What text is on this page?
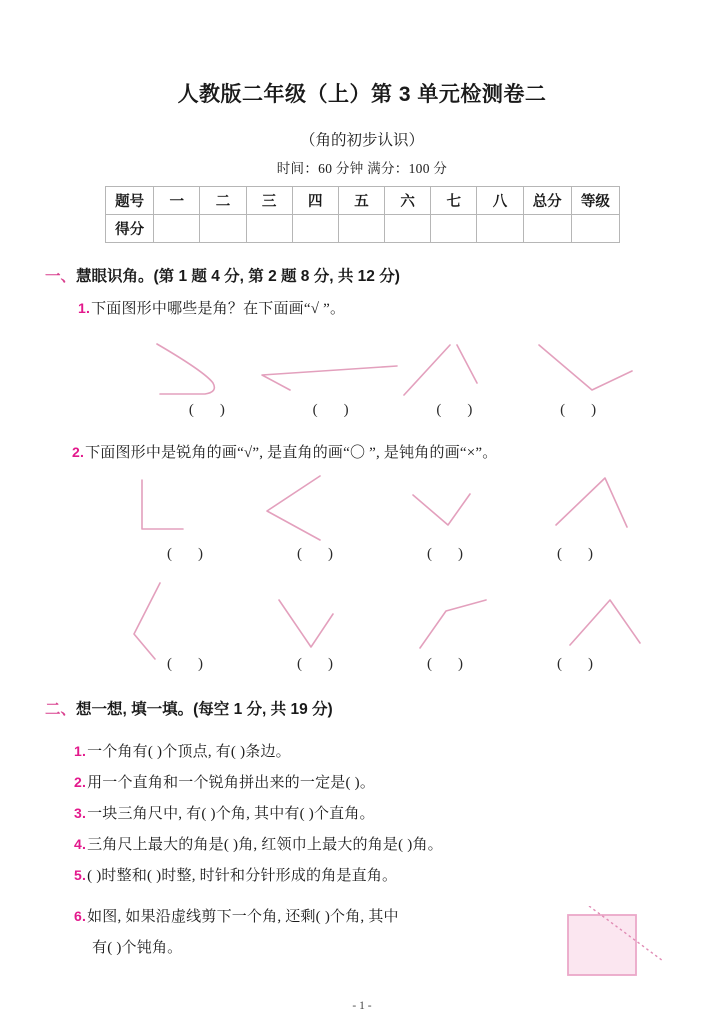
人教版二年级（上）第 3 单元检测卷二
（角的初步认识）
时间：60 分钟 满分：100 分
题号	一	二	三	四	五	六	七	八	总分	等级
得分										
一、慧眼识角。(第 1 题 4 分, 第 2 题 8 分, 共 12 分)
1.下面图形中哪些是角？在下面画“√ ”。
( )	( )	( )	( )
2.下面图形中是锐角的画“√”, 是直角的画“〇 ”, 是钝角的画“×”。
( )	( )	( )	( )
( )	( )	( )	( )
二、想一想, 填一填。(每空 1 分, 共 19 分)
1.一个角有( )个顶点, 有( )条边。
2.用一个直角和一个锐角拼出来的一定是( )。
3.一块三角尺中, 有( )个角, 其中有( )个直角。
4.三角尺上最大的角是( )角, 红领巾上最大的角是( )角。
5.( )时整和( )时整, 时针和分针形成的角是直角。
6.如图, 如果沿虚线剪下一个角, 还剩( )个角, 其中
有( )个钝角。
- 1 -
